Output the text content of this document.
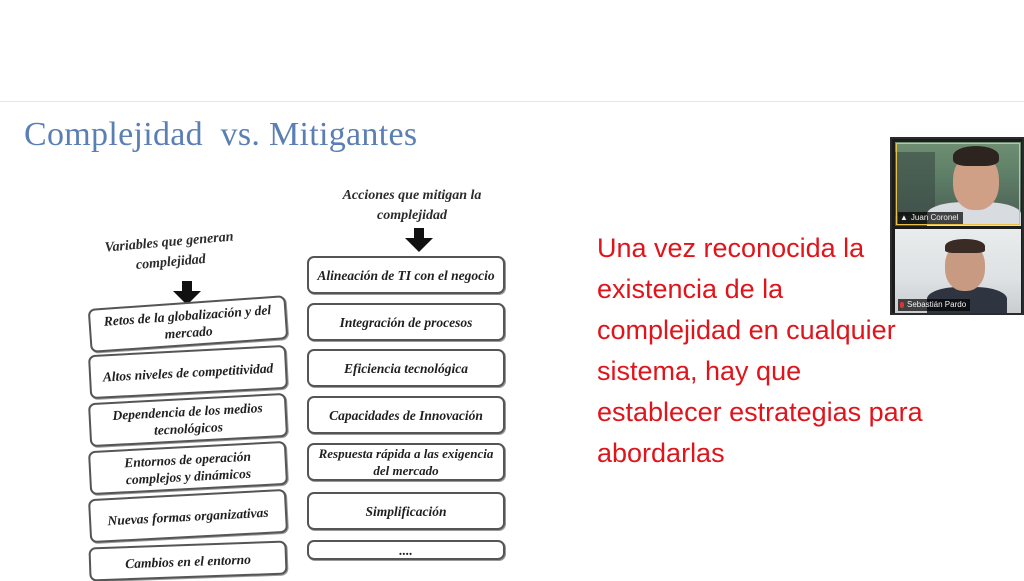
Complejidad  vs. Mitigantes
Variables que generan complejidad
Retos de la globalización y del mercado
Altos niveles de competitividad
Dependencia de los medios tecnológicos
Entornos de operación complejos y dinámicos
Nuevas formas organizativas
Cambios en el entorno
Acciones que mitigan la complejidad
Alineación de TI con el negocio
Integración de procesos
Eficiencia tecnológica
Capacidades de Innovación
Respuesta rápida a las exigencia del mercado
Simplificación
....

Una vez reconocida la existencia de la complejidad en cualquier sistema, hay que establecer estrategias para abordarlas

▲ Juan Coronel
Sebastián Pardo
